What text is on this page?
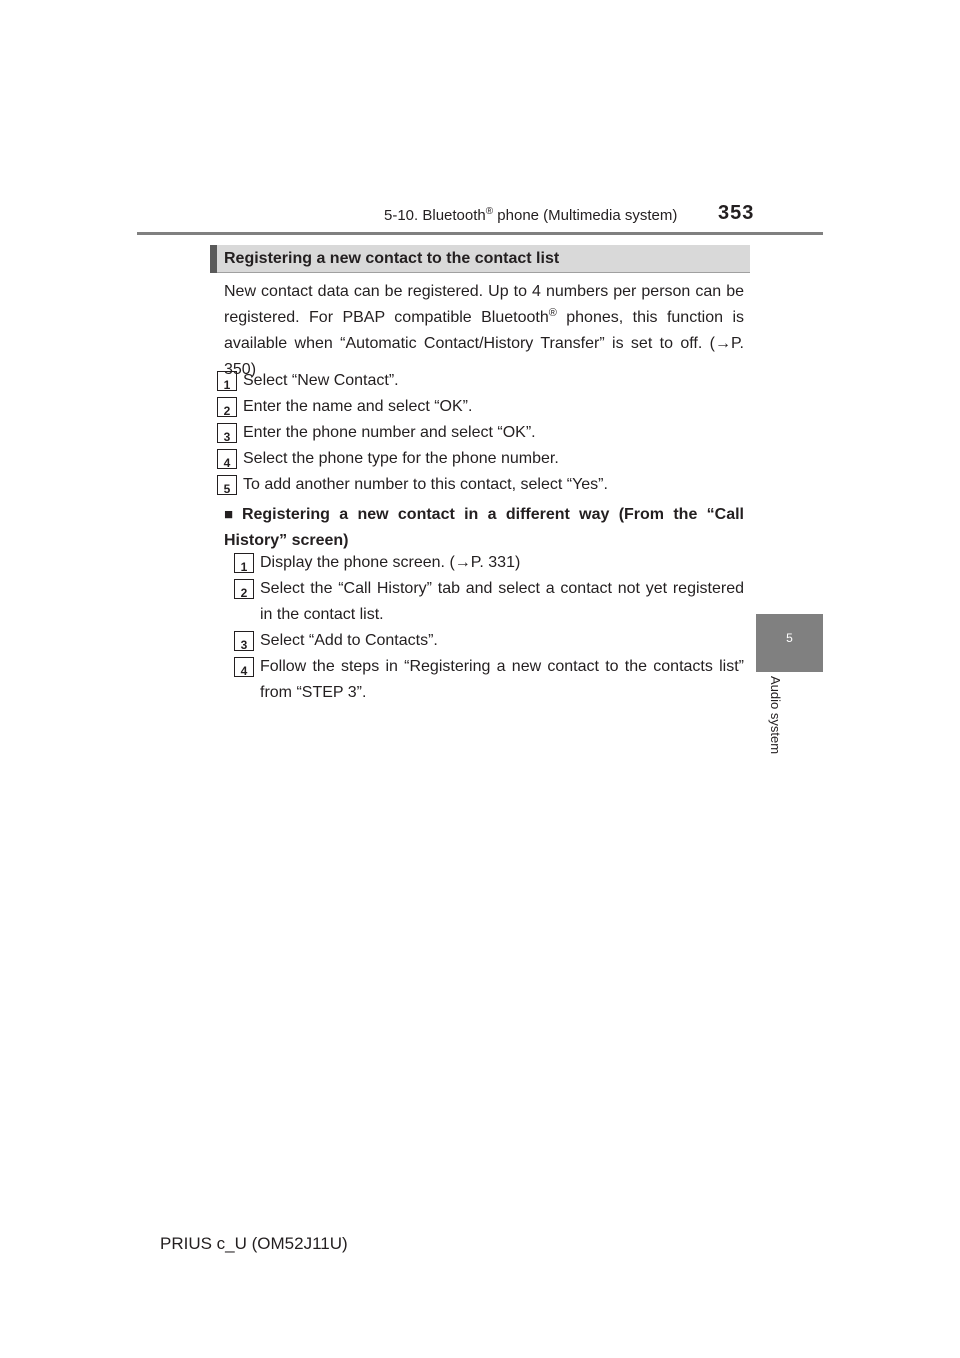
5-10. Bluetooth® phone (Multimedia system) 353
5
Audio system
Registering a new contact to the contact list
New contact data can be registered. Up to 4 numbers per person can be registered. For PBAP compatible Bluetooth® phones, this function is available when “Automatic Contact/History Transfer” is set to off. (→P. 350)
1 Select “New Contact”.
2 Enter the name and select “OK”.
3 Enter the phone number and select “OK”.
4 Select the phone type for the phone number.
5 To add another number to this contact, select “Yes”.
■ Registering a new contact in a different way (From the “Call History” screen)
1 Display the phone screen. (→P. 331)
2 Select the “Call History” tab and select a contact not yet registered in the contact list.
3 Select “Add to Contacts”.
4 Follow the steps in “Registering a new contact to the contacts list” from “STEP 3”.
PRIUS c_U (OM52J11U)
